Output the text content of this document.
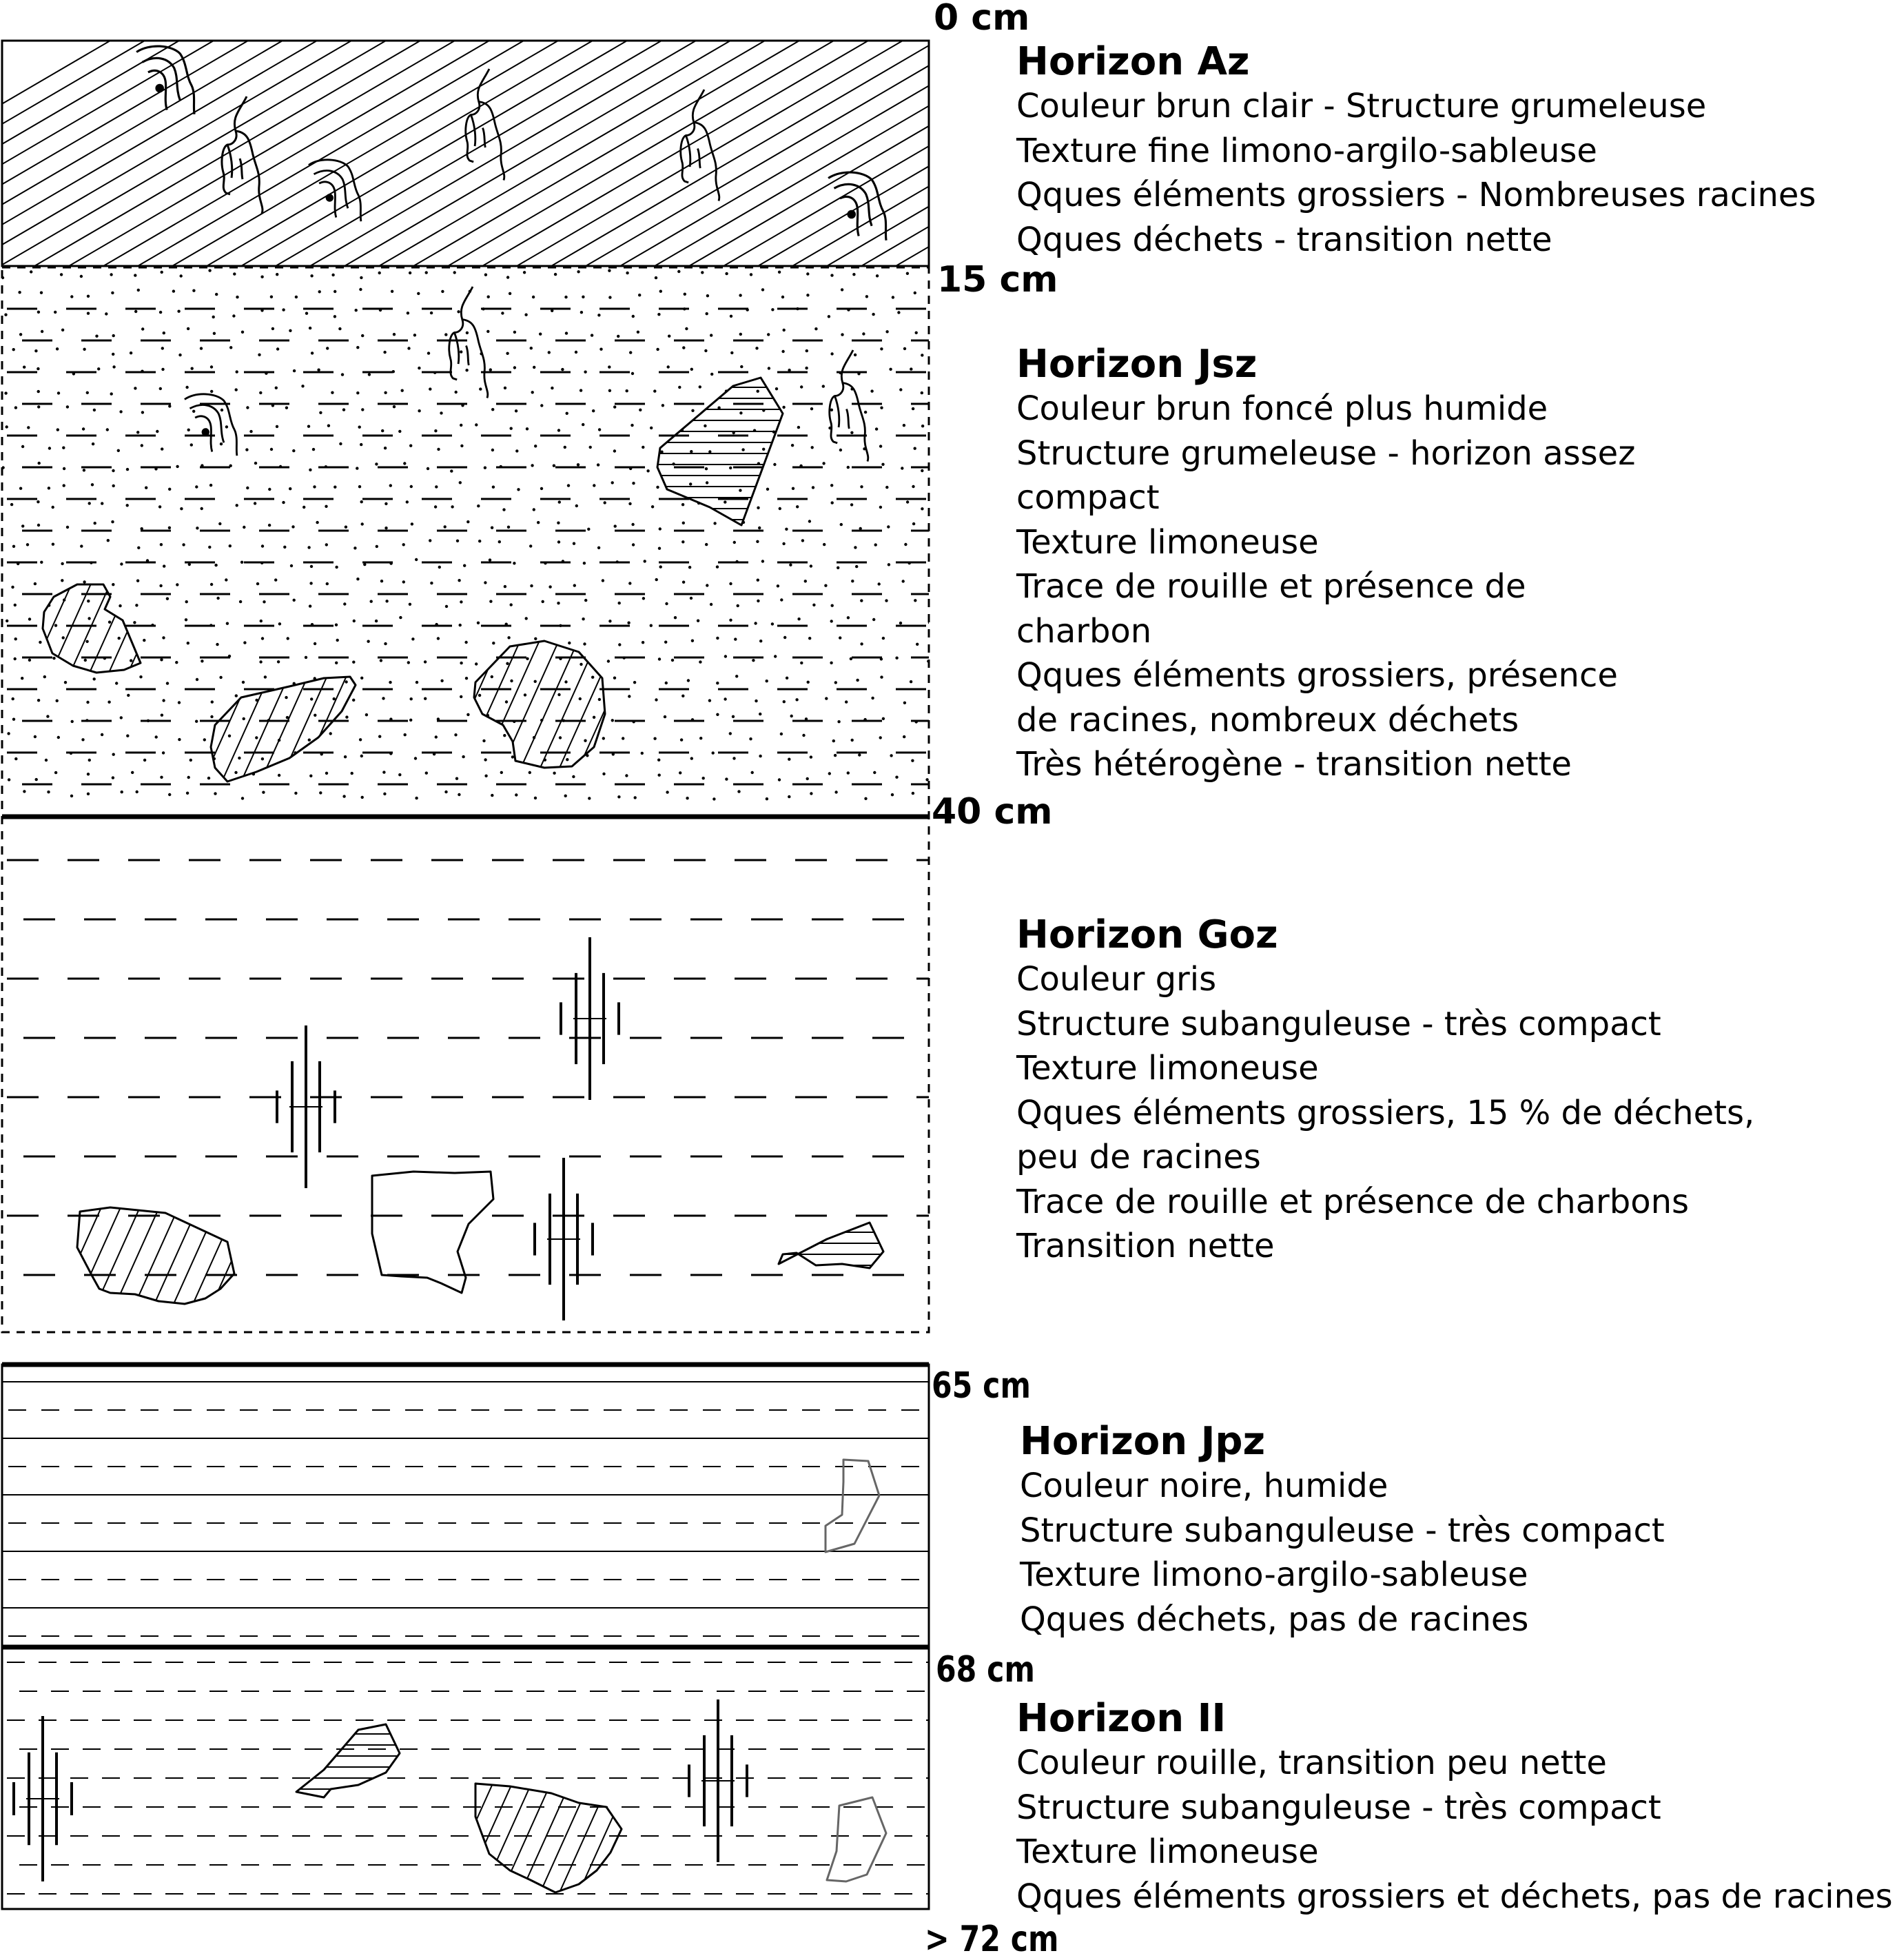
0 cm
15 cm
40 cm
65 cm
68 cm
> 72 cm
Horizon Az
Couleur brun clair - Structure grumeleuse
Texture fine limono-argilo-sableuse
Qques éléments grossiers - Nombreuses racines
Qques déchets - transition nette
Horizon Jsz
Couleur brun foncé plus humide
Structure grumeleuse - horizon assez
compact
Texture limoneuse
Trace de rouille et présence de
charbon
Qques éléments grossiers, présence
de racines, nombreux déchets
Très hétérogène - transition nette
Horizon Goz
Couleur gris
Structure subanguleuse - très compact
Texture limoneuse
Qques éléments grossiers, 15 % de déchets,
peu de racines
Trace de rouille et présence de charbons
Transition nette
Horizon Jpz
Couleur noire, humide
Structure subanguleuse - très compact
Texture limono-argilo-sableuse
Qques déchets, pas de racines
Horizon II
Couleur rouille, transition peu nette
Structure subanguleuse - très compact
Texture limoneuse
Qques éléments grossiers et déchets, pas de racines
